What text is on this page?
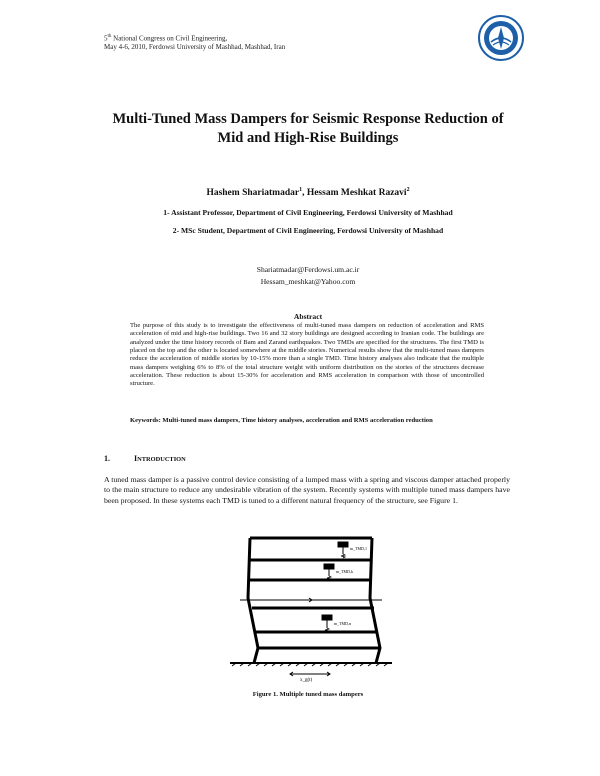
5th National Congress on Civil Engineering,
May 4-6, 2010, Ferdowsi University of Mashhad, Mashhad, Iran
Multi-Tuned Mass Dampers for Seismic Response Reduction of
Mid and High-Rise Buildings
Hashem Shariatmadar$^1$, Hessam Meshkat Razavi$^2$
1- Assistant Professor, Department of Civil Engineering, Ferdowsi University of Mashhad
2- MSc Student, Department of Civil Engineering, Ferdowsi University of Mashhad
Shariatmadar@Ferdowsi.um.ac.ir
Hessam_meshkat@Yahoo.com
Abstract
The purpose of this study is to investigate the effectiveness of multi-tuned mass dampers on reduction of acceleration and RMS acceleration of mid and high-rise buildings. Two 16 and 32 story buildings are designed according to Iranian code. The buildings are analyzed under the time history records of Bam and Zarand earthquakes. Two TMDs are specified for the structures. The first TMD is placed on the top and the other is located somewhere at the middle stories. Numerical results show that the multi-tuned mass dampers reduce the acceleration of middle stories by 10-15% more than a single TMD. Time history analyses also indicate that the multiple mass dampers weighing 6% to 8% of the total structure weight with uniform distribution on the stories of the structures decrease acceleration. These reduction is about 15-30% for acceleration and RMS acceleration in comparison with those of uncontrolled structure.
Keywords: Multi-tuned mass dampers, Time history analyses, acceleration and RMS acceleration reduction
1.	INTRODUCTION
A tuned mass damper is a passive control device consisting of a lumped mass with a spring and viscous damper attached properly to the main structure to reduce any undesirable vibration of the system. Recently systems with multiple tuned mass dampers have been proposed. In these systems each TMD is tuned to a different natural frequency of the structure, see Figure 1.
m_TMD,1
m_TMD,k
m_TMD,n
x_g(t)
Figure 1. Multiple tuned mass dampers
